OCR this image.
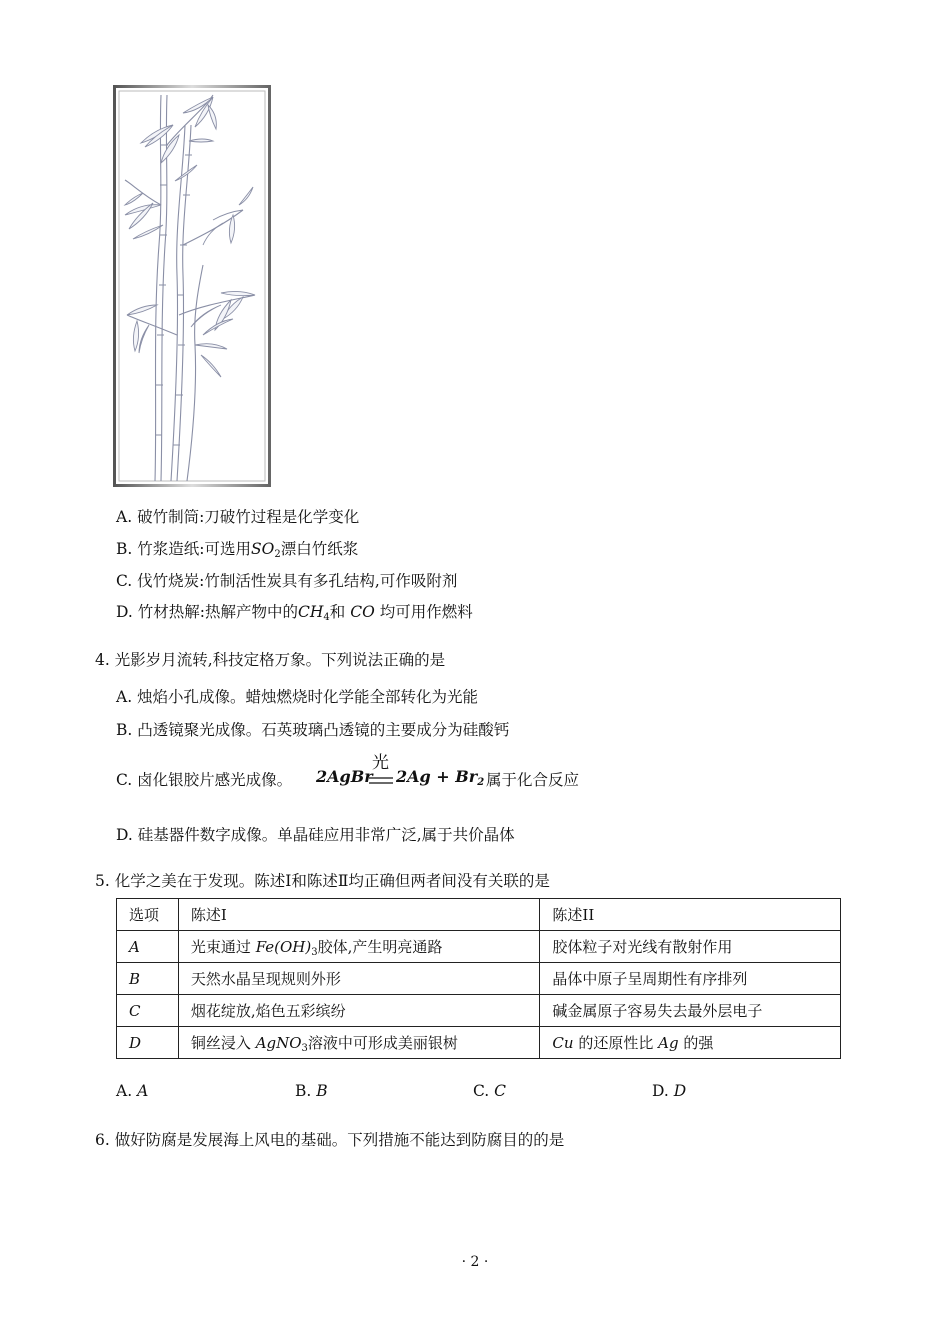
A. 破竹制筒:刀破竹过程是化学变化
B. 竹浆造纸:可选用$SO_2$漂白竹纸浆
C. 伐竹烧炭:竹制活性炭具有多孔结构,可作吸附剂
D. 竹材热解:热解产物中的$CH_4$和 CO 均可用作燃料
4. 光影岁月流转,科技定格万象。下列说法正确的是
A. 烛焰小孔成像。蜡烛燃烧时化学能全部转化为光能
B. 凸透镜聚光成像。石英玻璃凸透镜的主要成分为硅酸钙
C. 卤化银胶片感光成像。
光
2AgBr $2Ag + Br_2$ 属于化合反应
D. 硅基器件数字成像。单晶硅应用非常广泛,属于共价晶体
5. 化学之美在于发现。陈述Ⅰ和陈述Ⅱ均正确但两者间没有关联的是
选项	陈述I	陈述II
A	光束通过 $Fe(OH)_3$胶体,产生明亮通路	胶体粒子对光线有散射作用
B	天然水晶呈现规则外形	晶体中原子呈周期性有序排列
C	烟花绽放,焰色五彩缤纷	碱金属原子容易失去最外层电子
D	铜丝浸入 AgNO$_3$溶液中可形成美丽银树	Cu 的还原性比 Ag 的强
A. A	B. B	C. C	D. D
6. 做好防腐是发展海上风电的基础。下列措施不能达到防腐目的的是
· 2 ·
